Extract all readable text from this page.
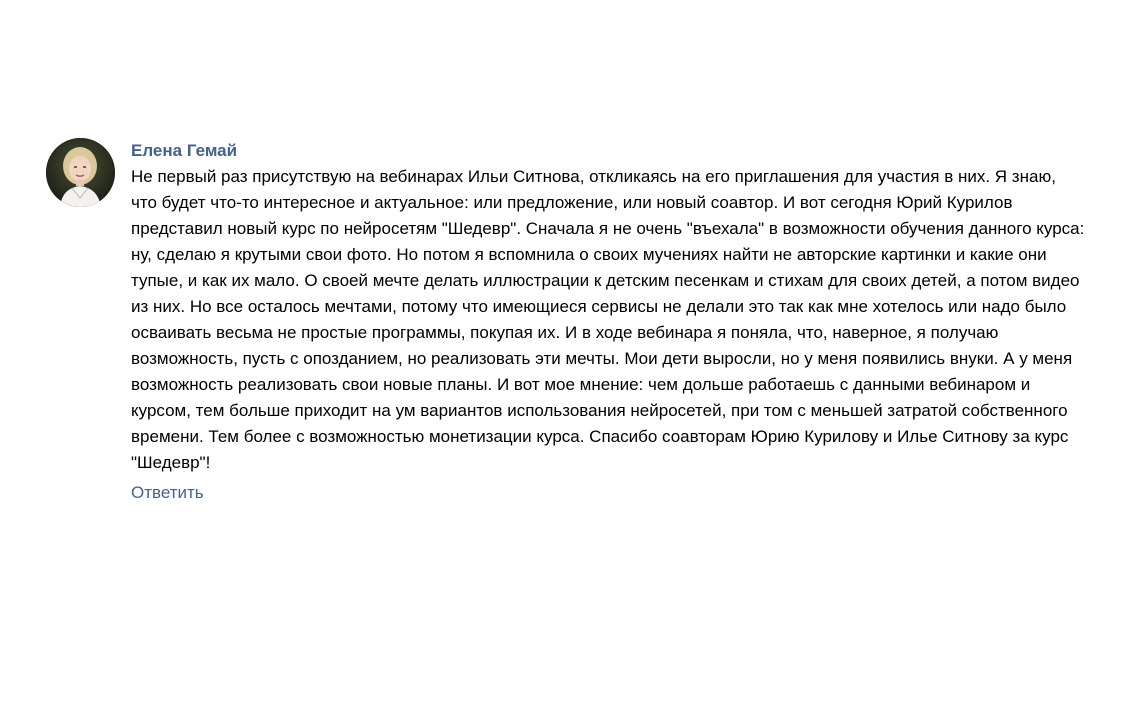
Елена Гемай
Не первый раз присутствую на вебинарах Ильи Ситнова, откликаясь на его приглашения для участия в них. Я знаю, что будет что-то интересное и актуальное: или предложение, или новый соавтор. И вот сегодня Юрий Курилов представил новый курс по нейросетям "Шедевр". Сначала я не очень "въехала" в возможности обучения данного курса: ну, сделаю я крутыми свои фото. Но потом я вспомнила о своих мучениях найти не авторские картинки и какие они тупые, и как их мало. О своей мечте делать иллюстрации к детским песенкам и стихам для своих детей, а потом видео из них. Но все осталось мечтами, потому что имеющиеся сервисы не делали это так как мне хотелось или надо было осваивать весьма не простые программы, покупая их. И в ходе вебинара я поняла, что, наверное, я получаю возможность, пусть с опозданием, но реализовать эти мечты. Мои дети выросли, но у меня появились внуки. А у меня возможность реализовать свои новые планы. И вот мое мнение: чем дольше работаешь с данными вебинаром и курсом, тем больше приходит на ум вариантов использования нейросетей, при том с меньшей затратой собственного времени. Тем более с возможностью монетизации курса. Спасибо соавторам Юрию Курилову и Илье Ситнову за курс "Шедевр"!
Ответить
